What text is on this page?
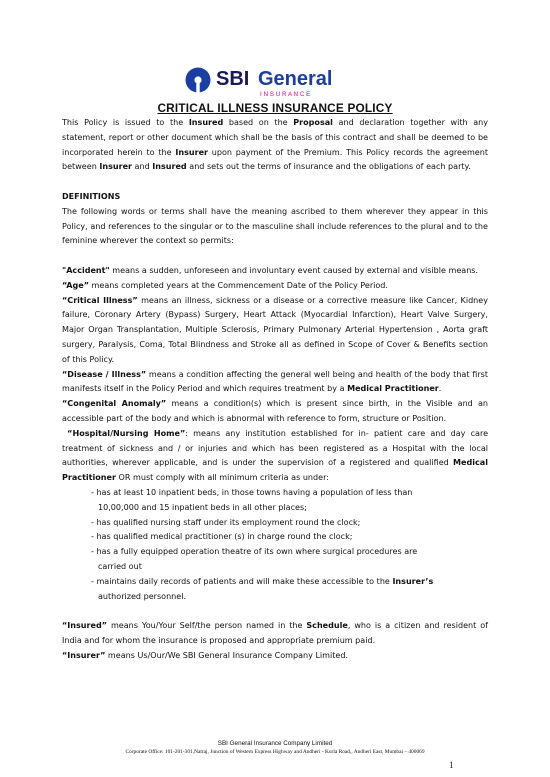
SBI General
I N S U R A N C E
CRITICAL ILLNESS INSURANCE POLICY

This Policy is issued to the Insured based on the Proposal and declaration together with any statement, report or other document which shall be the basis of this contract and shall be deemed to be incorporated herein to the Insurer upon payment of the Premium. This Policy records the agreement between Insurer and Insured and sets out the terms of insurance and the obligations of each party.

DEFINITIONS

The following words or terms shall have the meaning ascribed to them wherever they appear in this Policy, and references to the singular or to the masculine shall include references to the plural and to the feminine wherever the context so permits:

"Accident" means a sudden, unforeseen and involuntary event caused by external and visible means.

“Age” means completed years at the Commencement Date of the Policy Period.

“Critical Illness” means an illness, sickness or a disease or a corrective measure like Cancer, Kidney failure, Coronary Artery (Bypass) Surgery, Heart Attack (Myocardial Infarction), Heart Valve Surgery, Major Organ Transplantation, Multiple Sclerosis, Primary Pulmonary Arterial Hypertension , Aorta graft surgery, Paralysis, Coma, Total Blindness and Stroke all as defined in Scope of Cover & Benefits section of this Policy.

“Disease / Illness” means a condition affecting the general well being and health of the body that first manifests itself in the Policy Period and which requires treatment by a Medical Practitioner.

“Congenital Anomaly” means a condition(s) which is present since birth, in the Visible and an accessible part of the body and which is abnormal with reference to form, structure or Position.

“Hospital/Nursing Home”: means any institution established for in- patient care and day care treatment of sickness and / or injuries and which has been registered as a Hospital with the local authorities, wherever applicable, and is under the supervision of a registered and qualified Medical Practitioner OR must comply with all minimum criteria as under:

- has at least 10 inpatient beds, in those towns having a population of less than

10,00,000 and 15 inpatient beds in all other places;

- has qualified nursing staff under its employment round the clock;

- has qualified medical practitioner (s) in charge round the clock;

- has a fully equipped operation theatre of its own where surgical procedures are

carried out

- maintains daily records of patients and will make these accessible to the Insurer’s

authorized personnel.

“Insured” means You/Your Self/the person named in the Schedule, who is a citizen and resident of India and for whom the insurance is proposed and appropriate premium paid.

“Insurer” means Us/Our/We SBI General Insurance Company Limited.

SBI General Insurance Company Limited
Corporate Office: 101-201-301,Natraj, Junction of Western Express Highway and Andheri - Kurla Road,, Andheri East, Mumbai – 400069
1
